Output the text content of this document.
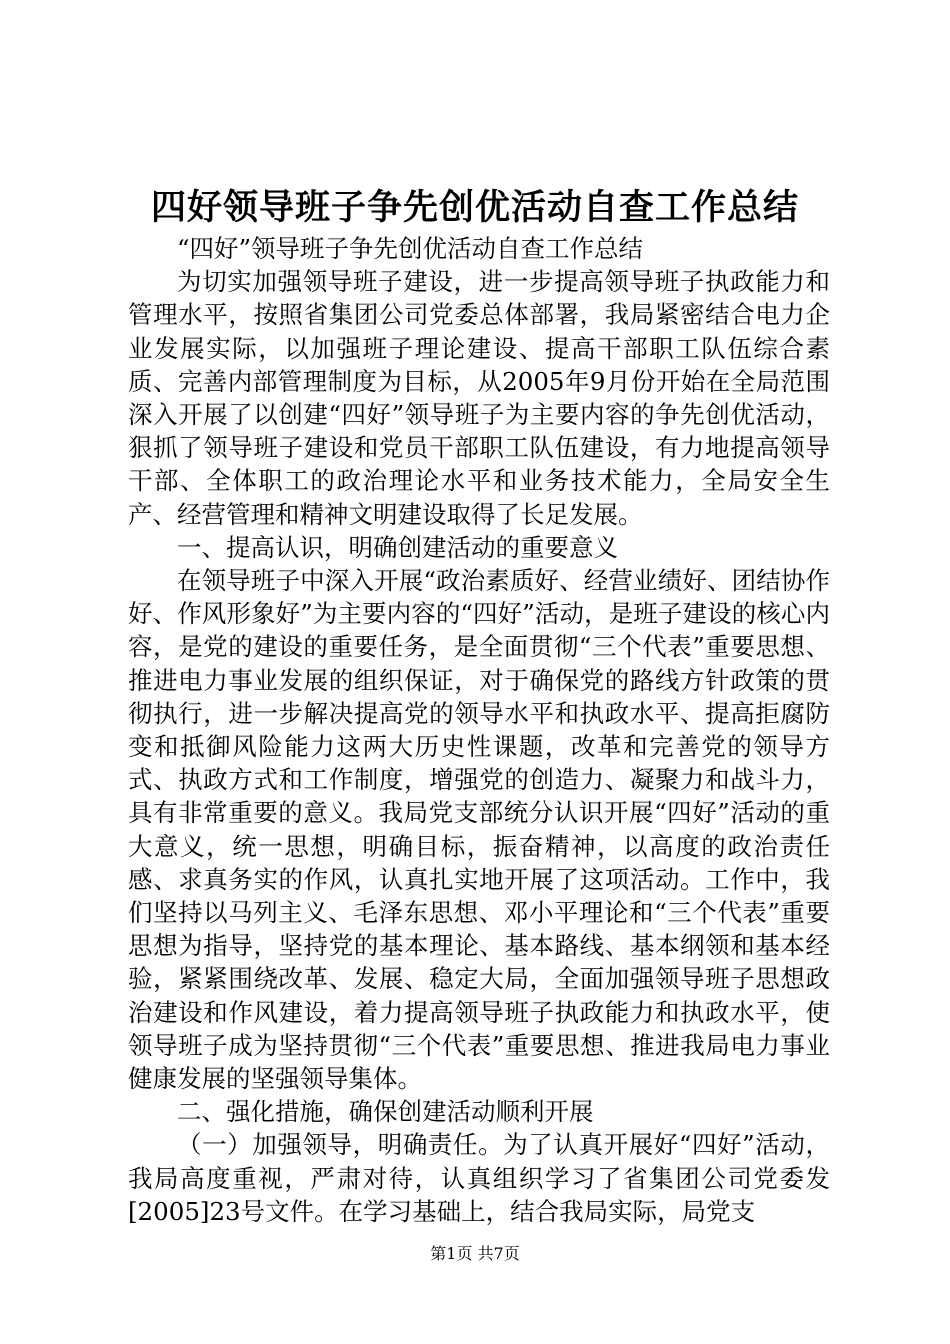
四好领导班子争先创优活动自查工作总结

“四好”领导班子争先创优活动自查工作总结

为切实加强领导班子建设，进一步提高领导班子执政能力和管理水平，按照省集团公司党委总体部署，我局紧密结合电力企业发展实际，以加强班子理论建设、提高干部职工队伍综合素质、完善内部管理制度为目标，从2005年9月份开始在全局范围深入开展了以创建“四好”领导班子为主要内容的争先创优活动，狠抓了领导班子建设和党员干部职工队伍建设，有力地提高领导干部、全体职工的政治理论水平和业务技术能力，全局安全生产、经营管理和精神文明建设取得了长足发展。

一、提高认识，明确创建活动的重要意义

在领导班子中深入开展“政治素质好、经营业绩好、团结协作好、作风形象好”为主要内容的“四好”活动，是班子建设的核心内容，是党的建设的重要任务，是全面贯彻“三个代表”重要思想、推进电力事业发展的组织保证，对于确保党的路线方针政策的贯彻执行，进一步解决提高党的领导水平和执政水平、提高拒腐防变和抵御风险能力这两大历史性课题，改革和完善党的领导方式、执政方式和工作制度，增强党的创造力、凝聚力和战斗力，具有非常重要的意义。我局党支部统分认识开展“四好”活动的重大意义，统一思想，明确目标，振奋精神，以高度的政治责任感、求真务实的作风，认真扎实地开展了这项活动。工作中，我们坚持以马列主义、毛泽东思想、邓小平理论和“三个代表”重要思想为指导，坚持党的基本理论、基本路线、基本纲领和基本经验，紧紧围绕改革、发展、稳定大局，全面加强领导班子思想政治建设和作风建设，着力提高领导班子执政能力和执政水平，使领导班子成为坚持贯彻“三个代表”重要思想、推进我局电力事业健康发展的坚强领导集体。

二、强化措施，确保创建活动顺利开展

（一）加强领导，明确责任。为了认真开展好“四好”活动，我局高度重视，严肃对待，认真组织学习了省集团公司党委发[2005]23号文件。在学习基础上，结合我局实际，局党支

第1页 共7页
